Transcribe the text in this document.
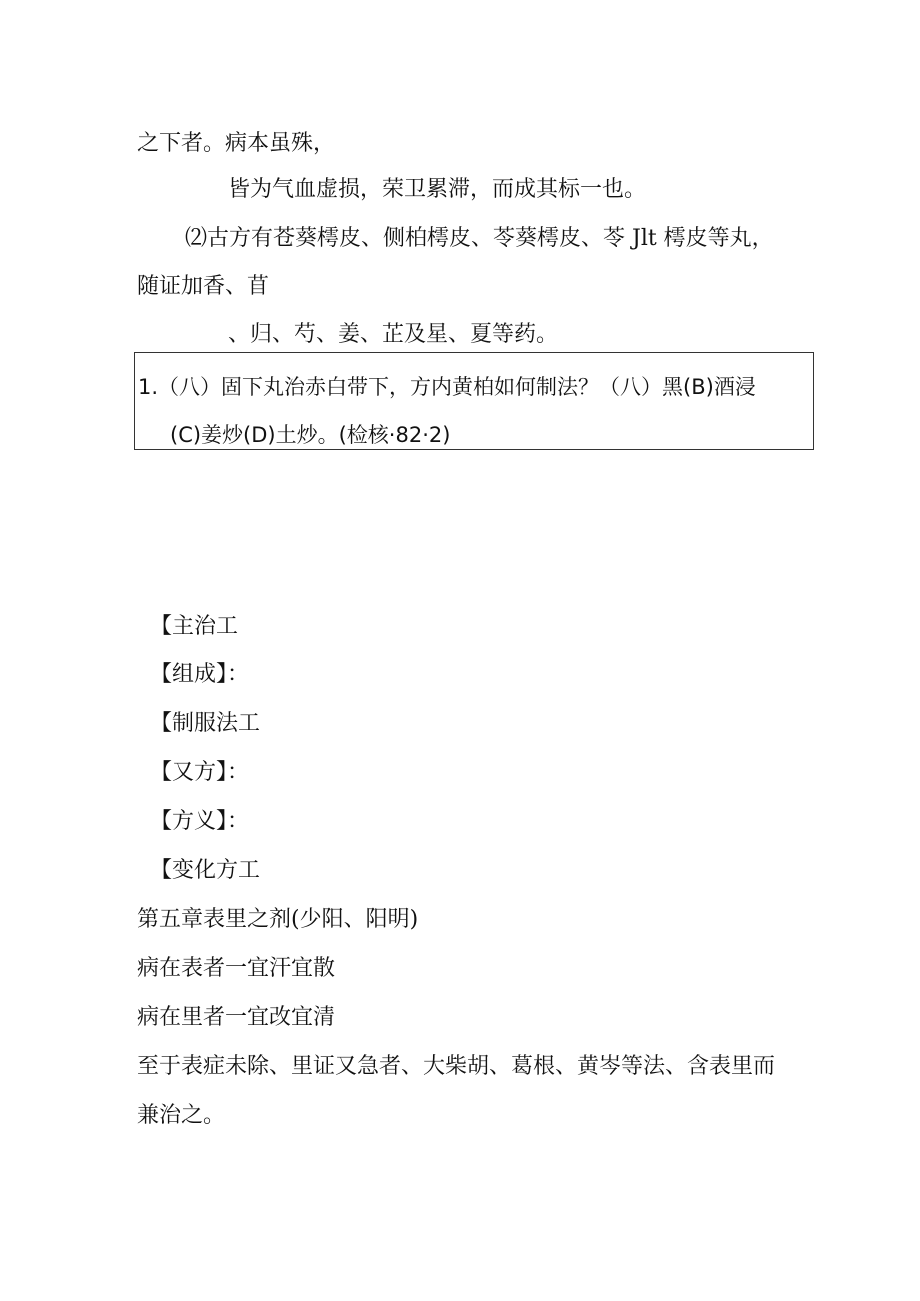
之下者。病本虽殊，
皆为气血虚损，荣卫累滞，而成其标一也。
⑵古方有苍葵樗皮、侧柏樗皮、苓葵樗皮、苓 Jlt 樗皮等丸，
随证加香、苜
、归、芍、姜、芷及星、夏等药。
1.（八）固下丸治赤白带下，方内黄柏如何制法？（八）黑(B)酒浸
(C)姜炒(D)土炒。(检核·82·2)
【主治工
【组成】：
【制服法工
【又方】：
【方义】：
【变化方工
第五章表里之剂(少阳、阳明)
病在表者一宜汗宜散
病在里者一宜改宜清
至于表症未除、里证又急者、大柴胡、葛根、黄岑等法、含表里而
兼治之。
